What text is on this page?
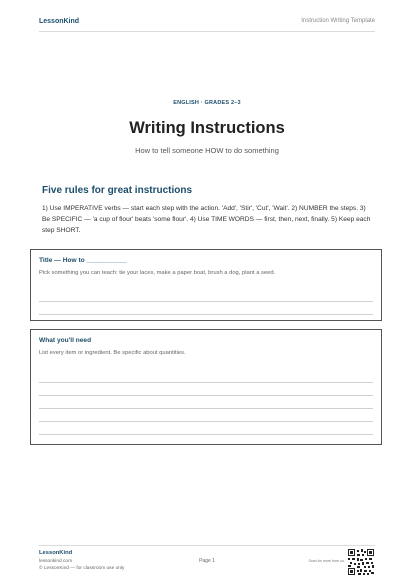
LessonKind	Instruction Writing Template
ENGLISH · GRADES 2–3
Writing Instructions
How to tell someone HOW to do something
Five rules for great instructions
1) Use IMPERATIVE verbs — start each step with the action. 'Add', 'Stir', 'Cut', 'Wait'. 2) NUMBER the steps. 3) Be SPECIFIC — 'a cup of flour' beats 'some flour'. 4) Use TIME WORDS — first, then, next, finally. 5) Keep each step SHORT.
Title — How to ___________
Pick something you can teach: tie your laces, make a paper boat, brush a dog, plant a seed.
What you'll need
List every item or ingredient. Be specific about quantities.
LessonKind
lessonkind.com
© LessonKind — for classroom use only
Page 1	Scan for more from us
